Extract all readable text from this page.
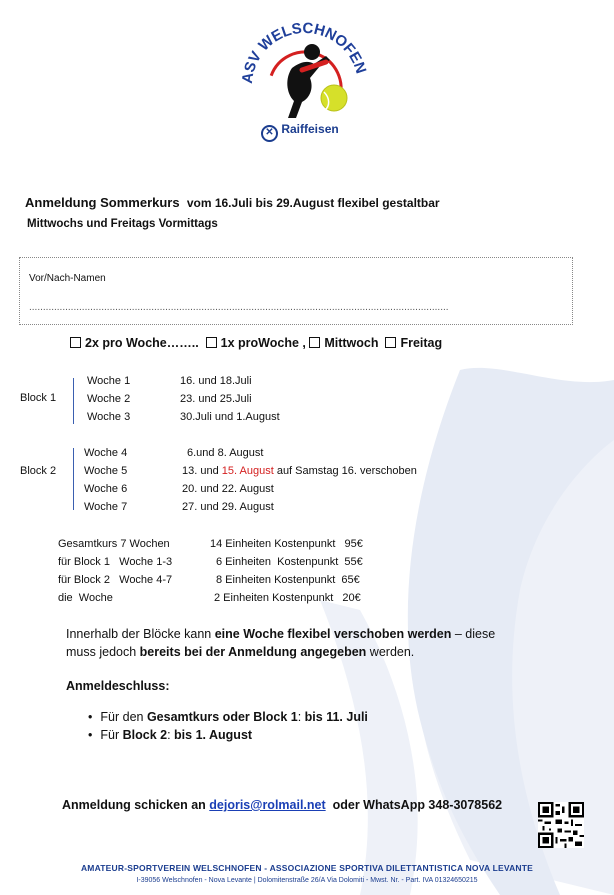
ASV WELSCHNOFEN
✕ Raiffeisen
Anmeldung Sommerkurs vom 16.Juli bis 29.August flexibel gestaltbar
Mittwochs und Freitags Vormittags
Vor/Nach-Namen
.......................................................................................................................................................
2x pro Woche…….. 1x proWoche , Mittwoch Freitag
Block 1
Woche 1	16. und 18.Juli
Woche 2	23. und 25.Juli
Woche 3	30.Juli und 1.August
Block 2
Woche 4	6.und 8. August
Woche 5	13. und 15. August auf Samstag 16. verschoben
Woche 6	20. und 22. August
Woche 7	27. und 29. August
Gesamtkurs 7 Wochen	14 Einheiten Kostenpunkt   95€
für Block 1   Woche 1-3	6 Einheiten  Kostenpunkt  55€
für Block 2   Woche 4-7	8 Einheiten Kostenpunkt  65€
die  Woche	2 Einheiten Kostenpunkt   20€
Innerhalb der Blöcke kann eine Woche flexibel verschoben werden – diese
muss jedoch bereits bei der Anmeldung angegeben werden.
Anmeldeschluss:
• Für den Gesamtkurs oder Block 1: bis 11. Juli
• Für Block 2: bis 1. August
Anmeldung schicken an dejoris@rolmail.net  oder WhatsApp 348-3078562
AMATEUR-SPORTVEREIN WELSCHNOFEN - ASSOCIAZIONE SPORTIVA DILETTANTISTICA NOVA LEVANTE
I-39056 Welschnofen - Nova Levante | Dolomitenstraße 26/A Via Dolomiti - Mwst. Nr. - Part. IVA 01324650215
